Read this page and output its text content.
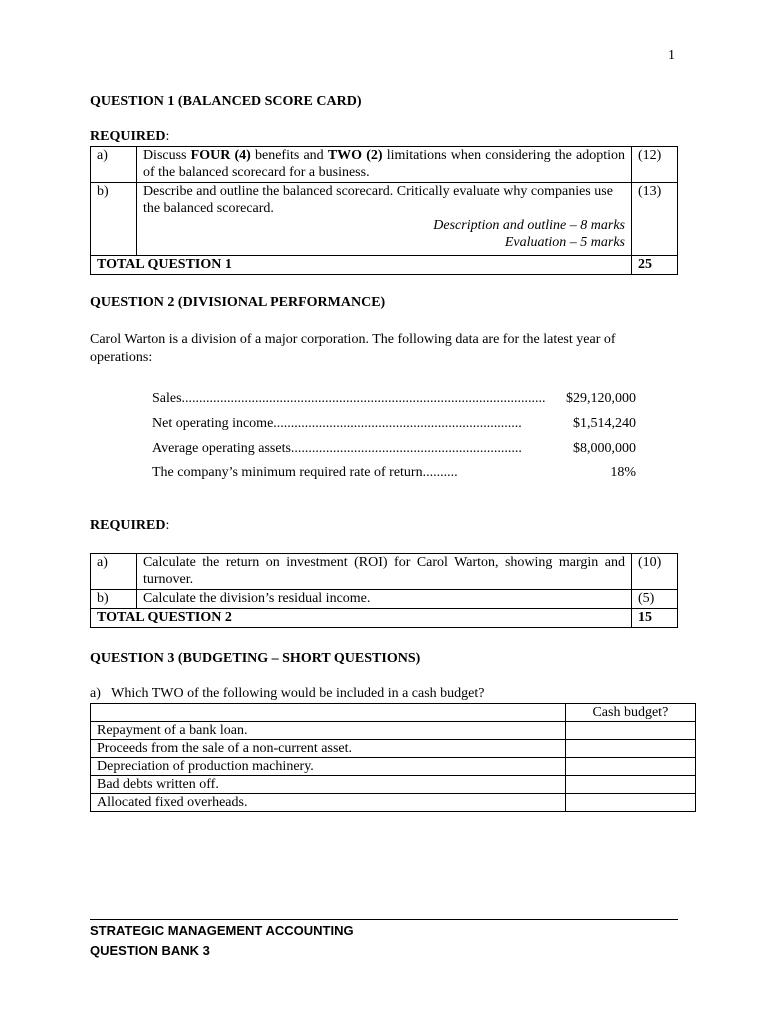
1
QUESTION 1 (BALANCED SCORE CARD)
REQUIRED:
a)	Discuss FOUR (4) benefits and TWO (2) limitations when considering the adoption of the balanced scorecard for a business.	(12)
b)	Describe and outline the balanced scorecard. Critically evaluate why companies use the balanced scorecard.
Description and outline – 8 marks
Evaluation – 5 marks	(13)
TOTAL QUESTION 1		25
QUESTION 2 (DIVISIONAL PERFORMANCE)
Carol Warton is a division of a major corporation. The following data are for the latest year of operations:
Sales........................................................................................................ $29,120,000
Net operating income.......................................................................	$1,514,240
Average operating assets..................................................................	$8,000,000
The company’s minimum required rate of return..........	18%
REQUIRED:
a)	Calculate the return on investment (ROI) for Carol Warton, showing margin and turnover.	(10)
b)	Calculate the division’s residual income.	(5)
TOTAL QUESTION 2		15
QUESTION 3 (BUDGETING – SHORT QUESTIONS)
a)   Which TWO of the following would be included in a cash budget?
	Cash budget?
Repayment of a bank loan.	
Proceeds from the sale of a non-current asset.	
Depreciation of production machinery.	
Bad debts written off.	
Allocated fixed overheads.	
STRATEGIC MANAGEMENT ACCOUNTING
QUESTION BANK 3
